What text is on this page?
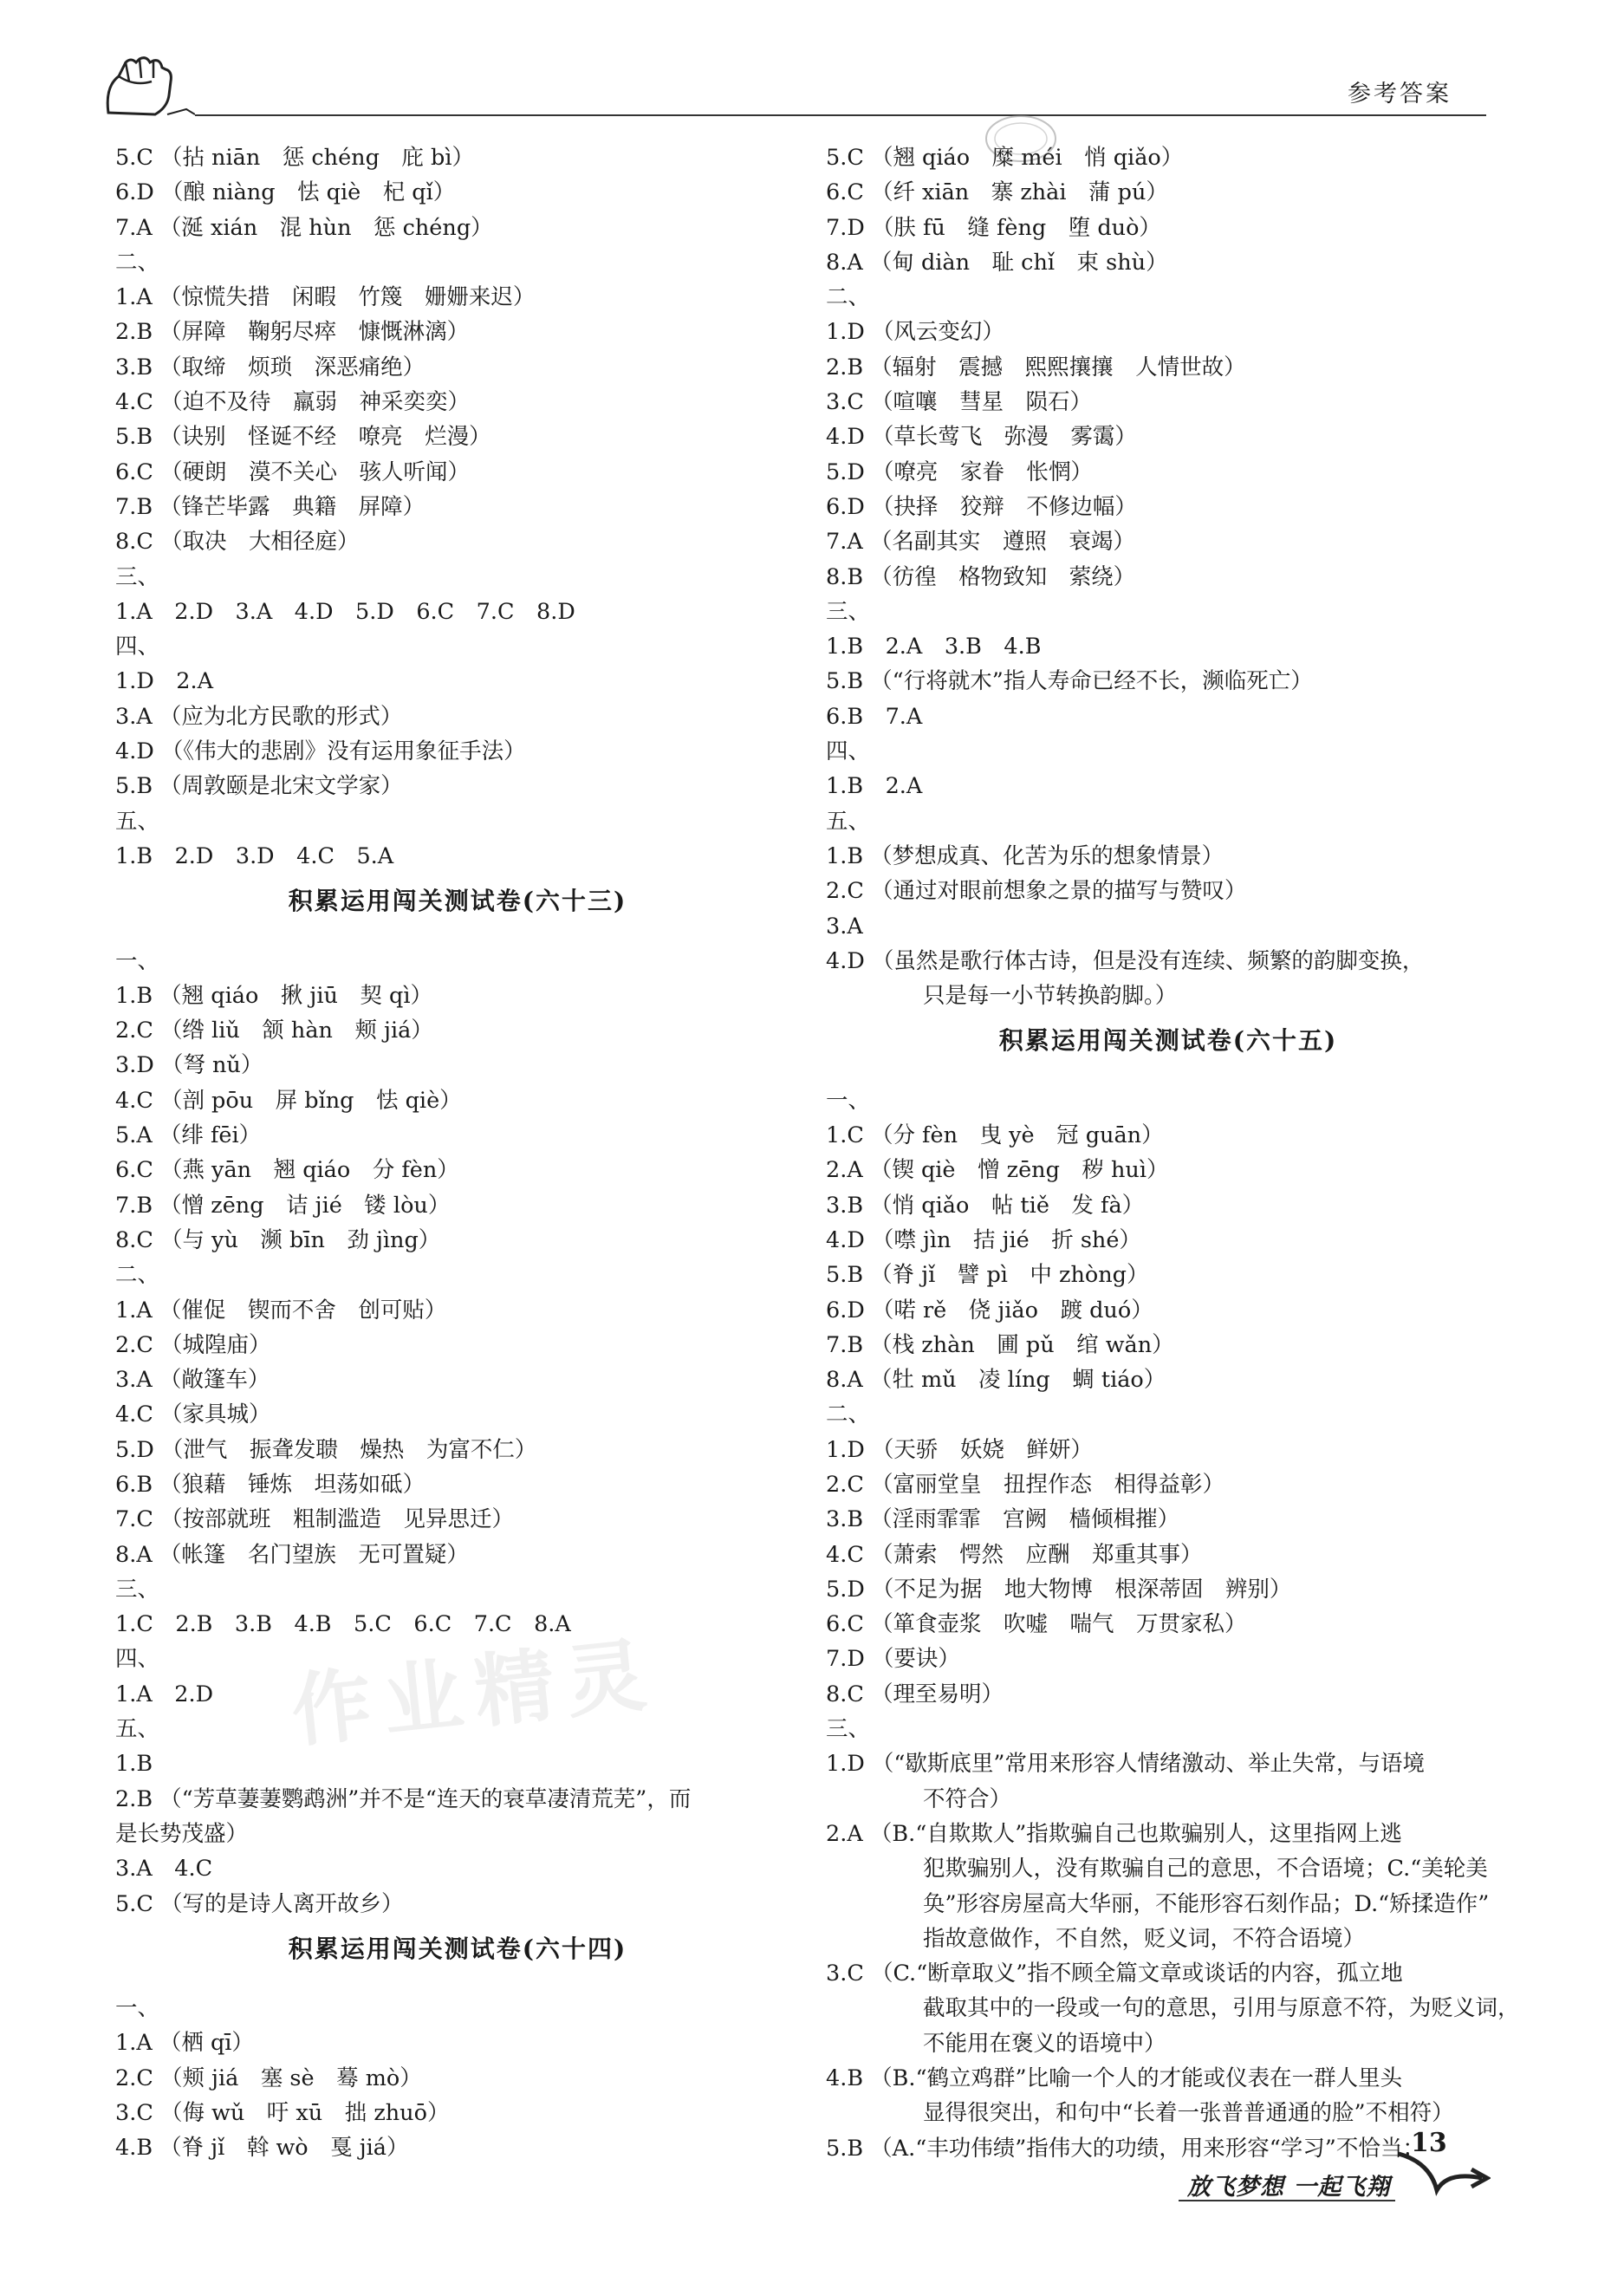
参考答案
5.C （拈 niān　惩 chéng　庇 bì）
6.D （酿 niàng　怯 qiè　杞 qǐ）
7.A （涎 xián　混 hùn　惩 chéng）
二、
1.A （惊慌失措　闲暇　竹篾　姗姗来迟）
2.B （屏障　鞠躬尽瘁　慷慨淋漓）
3.B （取缔　烦琐　深恶痛绝）
4.C （迫不及待　羸弱　神采奕奕）
5.B （诀别　怪诞不经　嘹亮　烂漫）
6.C （硬朗　漠不关心　骇人听闻）
7.B （锋芒毕露　典籍　屏障）
8.C （取决　大相径庭）
三、
1.A　2.D　3.A　4.D　5.D　6.C　7.C　8.D
四、
1.D　2.A
3.A （应为北方民歌的形式）
4.D （《伟大的悲剧》没有运用象征手法）
5.B （周敦颐是北宋文学家）
五、
1.B　2.D　3.D　4.C　5.A
积累运用闯关测试卷(六十三)
一、
1.B （翘 qiáo　揪 jiū　契 qì）
2.C （绺 liǔ　颔 hàn　颊 jiá）
3.D （弩 nǔ）
4.C （剖 pōu　屏 bǐng　怯 qiè）
5.A （绯 fēi）
6.C （燕 yān　翘 qiáo　分 fèn）
7.B （憎 zēng　诘 jié　镂 lòu）
8.C （与 yù　濒 bīn　劲 jìng）
二、
1.A （催促　锲而不舍　创可贴）
2.C （城隍庙）
3.A （敞篷车）
4.C （家具城）
5.D （泄气　振聋发聩　燥热　为富不仁）
6.B （狼藉　锤炼　坦荡如砥）
7.C （按部就班　粗制滥造　见异思迁）
8.A （帐篷　名门望族　无可置疑）
三、
1.C　2.B　3.B　4.B　5.C　6.C　7.C　8.A
四、
1.A　2.D
五、
1.B
2.B （“芳草萋萋鹦鹉洲”并不是“连天的衰草凄清荒芜”，而
是长势茂盛）
3.A　4.C
5.C （写的是诗人离开故乡）
积累运用闯关测试卷(六十四)
一、
1.A （栖 qī）
2.C （颊 jiá　塞 sè　蓦 mò）
3.C （侮 wǔ　吁 xū　拙 zhuō）
4.B （脊 jǐ　斡 wò　戛 jiá）
5.C （翘 qiáo　糜 méi　悄 qiǎo）
6.C （纤 xiān　寨 zhài　蒲 pú）
7.D （肤 fū　缝 fèng　堕 duò）
8.A （甸 diàn　耻 chǐ　束 shù）
二、
1.D （风云变幻）
2.B （辐射　震撼　熙熙攘攘　人情世故）
3.C （喧嚷　彗星　陨石）
4.D （草长莺飞　弥漫　雾霭）
5.D （嘹亮　家眷　怅惘）
6.D （抉择　狡辩　不修边幅）
7.A （名副其实　遵照　衰竭）
8.B （彷徨　格物致知　萦绕）
三、
1.B　2.A　3.B　4.B
5.B （“行将就木”指人寿命已经不长，濒临死亡）
6.B　7.A
四、
1.B　2.A
五、
1.B （梦想成真、化苦为乐的想象情景）
2.C （通过对眼前想象之景的描写与赞叹）
3.A
4.D （虽然是歌行体古诗，但是没有连续、频繁的韵脚变换，
只是每一小节转换韵脚。）
积累运用闯关测试卷(六十五)
一、
1.C （分 fèn　曳 yè　冠 guān）
2.A （锲 qiè　憎 zēng　秽 huì）
3.B （悄 qiǎo　帖 tiě　发 fà）
4.D （噤 jìn　拮 jié　折 shé）
5.B （脊 jǐ　譬 pì　中 zhòng）
6.D （喏 rě　侥 jiǎo　踱 duó）
7.B （栈 zhàn　圃 pǔ　绾 wǎn）
8.A （牡 mǔ　凌 líng　蜩 tiáo）
二、
1.D （天骄　妖娆　鲜妍）
2.C （富丽堂皇　扭捏作态　相得益彰）
3.B （淫雨霏霏　宫阙　樯倾楫摧）
4.C （萧索　愕然　应酬　郑重其事）
5.D （不足为据　地大物博　根深蒂固　辨别）
6.C （箪食壶浆　吹嘘　喘气　万贯家私）
7.D （要诀）
8.C （理至易明）
三、
1.D （“歇斯底里”常用来形容人情绪激动、举止失常，与语境
不符合）
2.A （B.“自欺欺人”指欺骗自己也欺骗别人，这里指网上逃
犯欺骗别人，没有欺骗自己的意思，不合语境；C.“美轮美
奂”形容房屋高大华丽，不能形容石刻作品；D.“矫揉造作”
指故意做作，不自然，贬义词，不符合语境）
3.C （C.“断章取义”指不顾全篇文章或谈话的内容，孤立地
截取其中的一段或一句的意思，引用与原意不符，为贬义词，
不能用在褒义的语境中）
4.B （B.“鹤立鸡群”比喻一个人的才能或仪表在一群人里头
显得很突出，和句中“长着一张普普通通的脸”不相符）
5.B （A.“丰功伟绩”指伟大的功绩，用来形容“学习”不恰当；
作业精灵
13
放飞梦想 一起飞翔
